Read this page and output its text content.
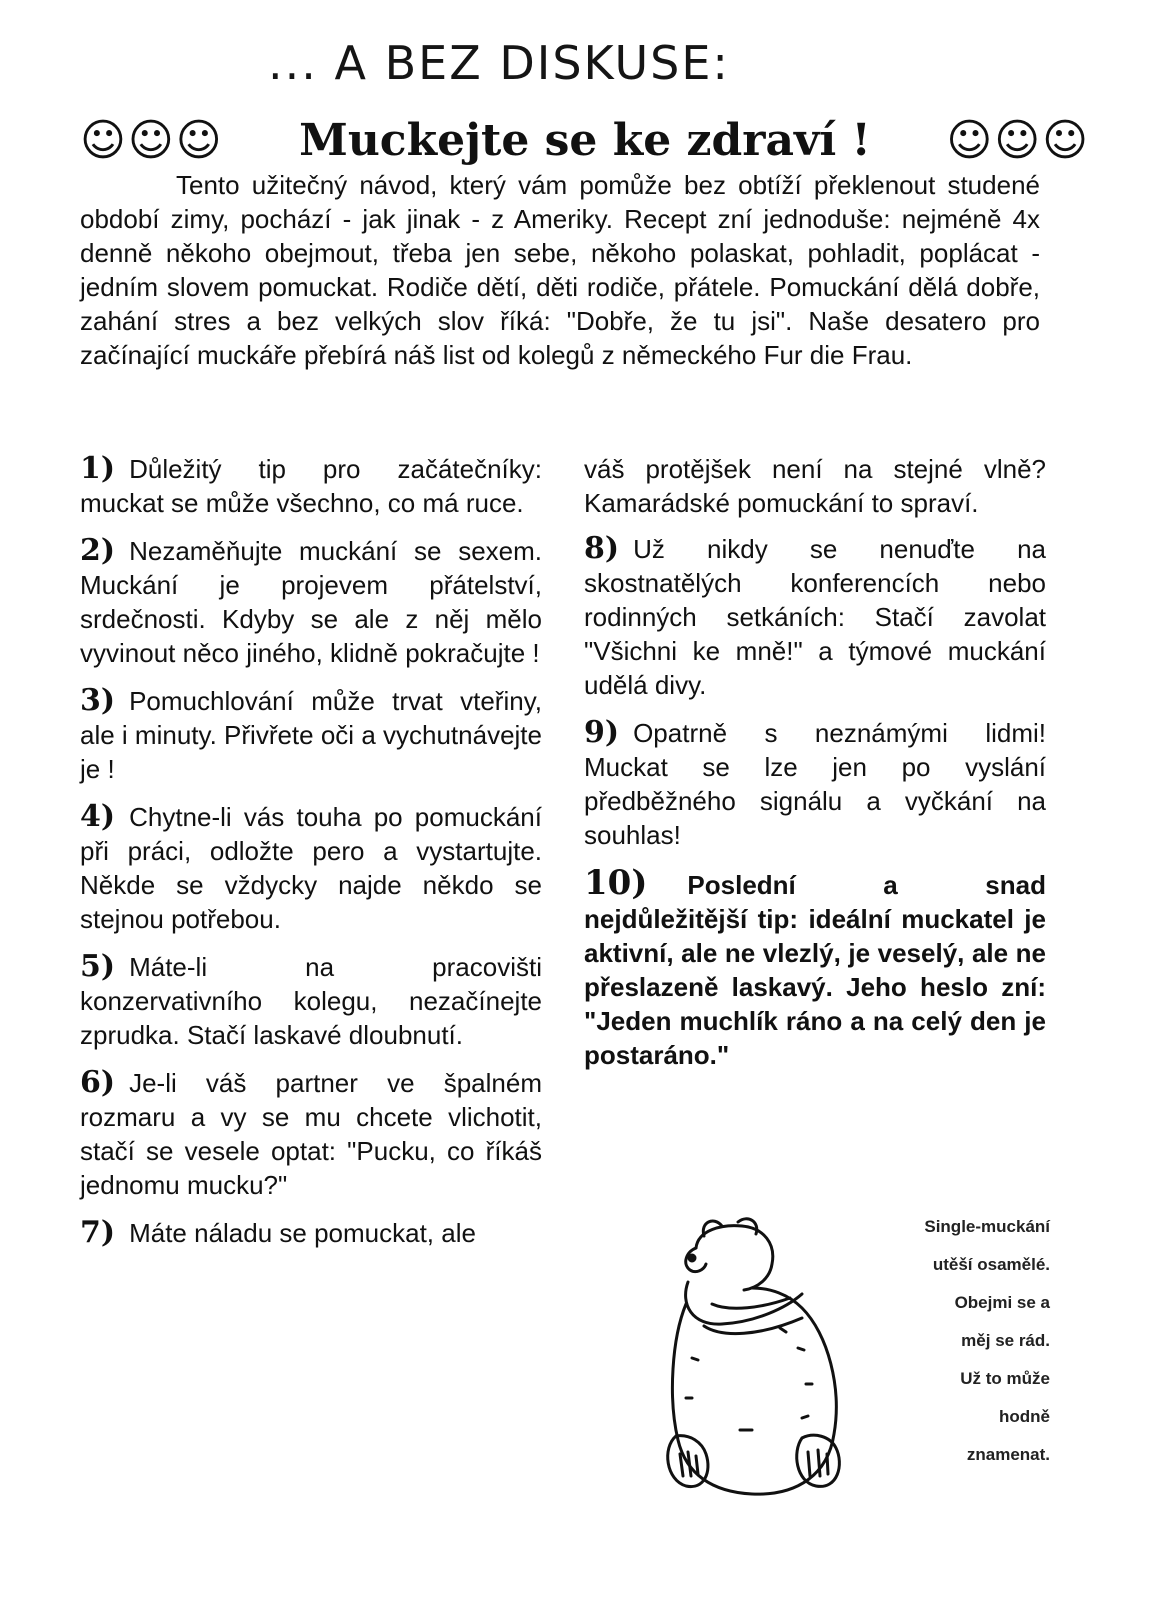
... A BEZ DISKUSE:
☺☺☺ Muckejte se ke zdraví ! ☺☺☺

Tento užitečný návod, který vám pomůže bez obtíží překlenout studené období zimy, pochází - jak jinak - z Ameriky. Recept zní jednoduše: nejméně 4x denně někoho obejmout, třeba jen sebe, někoho polaskat, pohladit, poplácat - jedním slovem pomuckat. Rodiče dětí, děti rodiče, přátele. Pomuckání dělá dobře, zahání stres a bez velkých slov říká: "Dobře, že tu jsi". Naše desatero pro začínající muckáře přebírá náš list od kolegů z německého Fur die Frau.

1) Důležitý tip pro začátečníky: muckat se může všechno, co má ruce.

2) Nezaměňujte muckání se sexem. Muckání je projevem přátelství, srdečnosti. Kdyby se ale z něj mělo vyvinout něco jiného, klidně pokračujte !

3) Pomuchlování může trvat vteřiny, ale i minuty. Přivřete oči a vychutnávejte je !

4) Chytne-li vás touha po pomuckání při práci, odložte pero a vystartujte. Někde se vždycky najde někdo se stejnou potřebou.

5) Máte-li na pracovišti konzervativního kolegu, nezačínejte zprudka. Stačí laskavé dloubnutí.

6) Je-li váš partner ve špalném rozmaru a vy se mu chcete vlichotit, stačí se vesele optat: "Pucku, co říkáš jednomu mucku?"

7) Máte náladu se pomuckat, ale

váš protějšek není na stejné vlně? Kamarádské pomuckání to spraví.

8) Už nikdy se nenuďte na skostnatělých konferencích nebo rodinných setkáních: Stačí zavolat "Všichni ke mně!" a týmové muckání udělá divy.

9) Opatrně s neznámými lidmi! Muckat se lze jen po vyslání předběžného signálu a vyčkání na souhlas!

10) Poslední a snad nejdůležitější tip: ideální muckatel je aktivní, ale ne vlezlý, je veselý, ale ne přeslazeně laskavý. Jeho heslo zní: "Jeden muchlík ráno a na celý den je postaráno."

Single-muckání
utěší osamělé.
Obejmi se a
měj se rád.
Už to může
hodně
znamenat.
